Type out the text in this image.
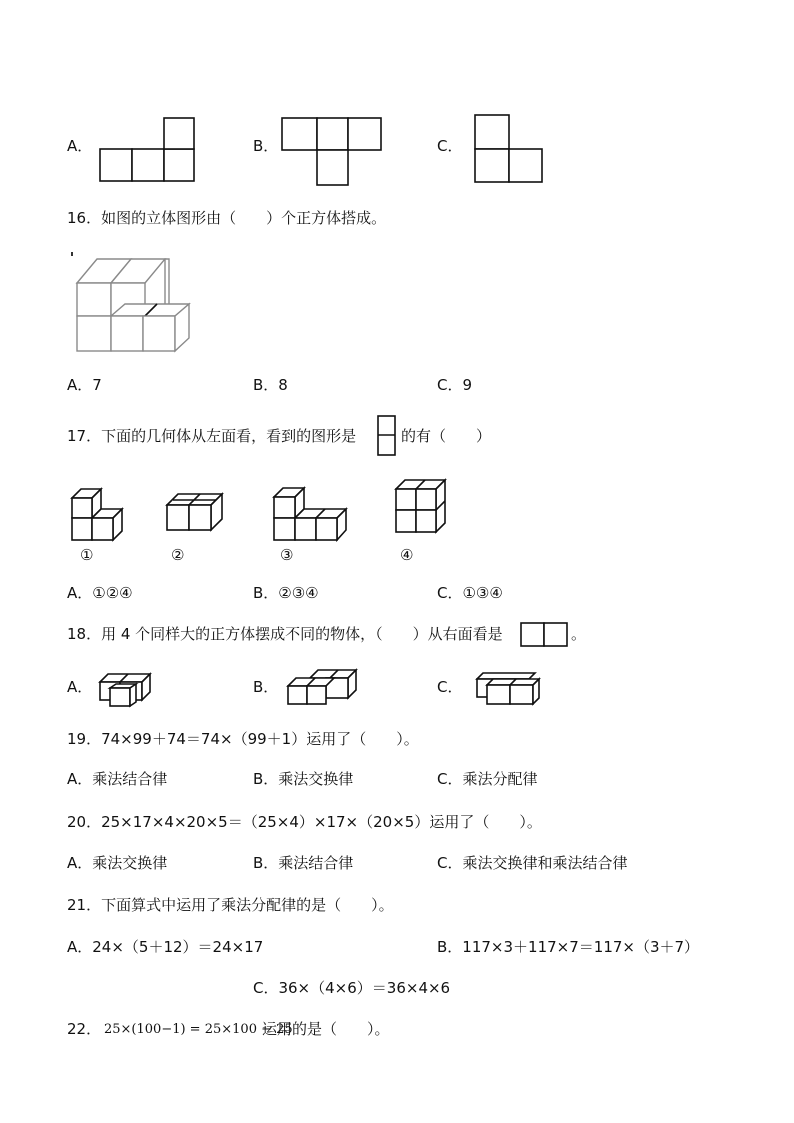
A．	B．	C．
16．如图的立体图形由（　　）个正方体搭成。
A．7	B．8	C．9
17．下面的几何体从左面看，看到的图形是	的有（　　）
①	②	③	④
A．①②④	B．②③④	C．①③④
18．用 4 个同样大的正方体摆成不同的物体，（　　）从右面看是	。
A．	B．	C．
19．74×99＋74＝74×（99＋1）运用了（　　）。
A．乘法结合律	B．乘法交换律	C．乘法分配律
20．25×17×4×20×5＝（25×4）×17×（20×5）运用了（　　）。
A．乘法交换律	B．乘法结合律	C．乘法交换律和乘法结合律
21．下面算式中运用了乘法分配律的是（　　）。
A．24×（5＋12）＝24×17	B．117×3＋117×7＝117×（3＋7）
C．36×（4×6）＝36×4×6
22． 25×(100−1) = 25×100 − 25
运用的是（　　）。
